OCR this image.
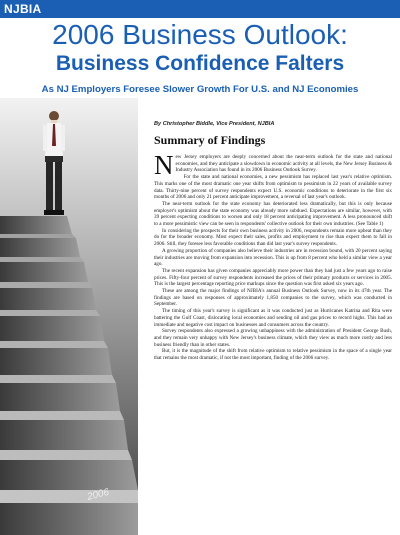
NJBIA
2006 Business Outlook:
Business Confidence Falters
As NJ Employers Foresee Slower Growth For U.S. and NJ Economies
2006
By Christopher Biddle, Vice President, NJBIA
Summary of Findings

New Jersey employers are deeply concerned about the near-term outlook for the state and national economies, and they anticipate a slowdown in economic activity at all levels, the New Jersey Business & Industry Association has found in its 2006 Business Outlook Survey.

For the state and national economies, a new pessimism has replaced last year's relative optimism. This marks one of the most dramatic one year shifts from optimism to pessimism in 22 years of available survey data. Thirty-nine percent of survey respondents expect U.S. economic conditions to deteriorate in the first six months of 2006 and only 21 percent anticipate improvement, a reversal of last year's outlook.

The near-term outlook for the state economy has deteriorated less dramatically, but this is only because employer's optimism about the state economy was already more subdued. Expectations are similar, however, with 39 percent expecting conditions to worsen and only 18 percent anticipating improvement. A less pronounced shift to a more pessimistic view can be seen in respondents' collective outlook for their own industries. (See Table 1)

In considering the prospects for their own business activity in 2006, respondents remain more upbeat than they do for the broader economy. Most expect their sales, profits and employment to rise than expect them to fall in 2006. Still, they foresee less favorable conditions than did last year's survey respondents.

A growing proportion of companies also believe their industries are in recession bound, with 20 percent saying their industries are moving from expansion into recession. This is up from 8 percent who held a similar view a year ago.

The recent expansion has given companies appreciably more power than they had just a few years ago to raise prices. Fifty-four percent of survey respondents increased the prices of their primary products or services in 2005. This is the largest percentage reporting price markups since the question was first asked six years ago.

These are among the major findings of NJBIA's annual Business Outlook Survey, now in its 47th year. The findings are based on responses of approximately 1,850 companies to the survey, which was conducted in September.

The timing of this year's survey is significant as it was conducted just as Hurricanes Katrina and Rita were battering the Gulf Coast, dislocating local economies and sending oil and gas prices to record highs. This had an immediate and negative cost impact on businesses and consumers across the country.

Survey respondents also expressed a growing unhappiness with the administration of President George Bush, and they remain very unhappy with New Jersey's business climate, which they view as much more costly and less business friendly than in other states.

But, it is the magnitude of the shift from relative optimism to relative pessimism in the space of a single year that remains the most dramatic, if not the most important, finding of the 2006 survey.
